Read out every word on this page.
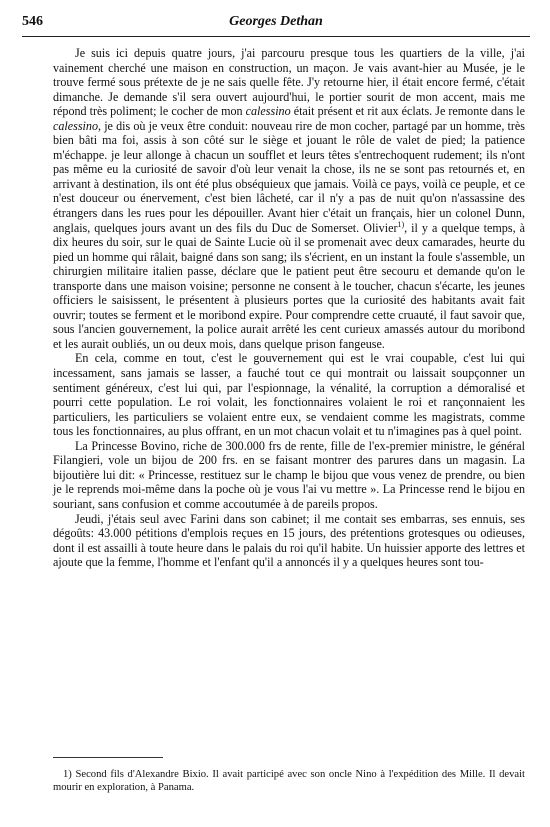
546	Georges Dethan

Je suis ici depuis quatre jours, j'ai parcouru presque tous les quartiers de la ville, j'ai vainement cherché une maison en construction, un maçon. Je vais avant-hier au Musée, je le trouve fermé sous prétexte de je ne sais quelle fête. J'y retourne hier, il était encore fermé, c'était dimanche. Je demande s'il sera ouvert aujourd'hui, le portier sourit de mon accent, mais me répond très poliment; le cocher de mon calessino était présent et rit aux éclats. Je remonte dans le calessino, je dis où je veux être conduit: nouveau rire de mon cocher, partagé par un homme, très bien bâti ma foi, assis à son côté sur le siège et jouant le rôle de valet de pied; la patience m'échappe. je leur allonge à chacun un soufflet et leurs têtes s'entrechoquent rudement; ils n'ont pas même eu la curiosité de savoir d'où leur venait la chose, ils ne se sont pas retournés et, en arrivant à destination, ils ont été plus obséquieux que jamais. Voilà ce pays, voilà ce peuple, et ce n'est douceur ou énervement, c'est bien lâcheté, car il n'y a pas de nuit qu'on n'assassine des étrangers dans les rues pour les dépouiller. Avant hier c'était un français, hier un colonel Dunn, anglais, quelques jours avant un des fils du Duc de Somerset. Olivier$^{1)}$, il y a quelque temps, à dix heures du soir, sur le quai de Sainte Lucie où il se promenait avec deux camarades, heurte du pied un homme qui râlait, baigné dans son sang; ils s'écrient, en un instant la foule s'assemble, un chirurgien militaire italien passe, déclare que le patient peut être secouru et demande qu'on le transporte dans une maison voisine; personne ne consent à le toucher, chacun s'écarte, les jeunes officiers le saisissent, le présentent à plusieurs portes que la curiosité des habitants avait fait ouvrir; toutes se ferment et le moribond expire. Pour comprendre cette cruauté, il faut savoir que, sous l'ancien gouvernement, la police aurait arrêté les cent curieux amassés autour du moribond et les aurait oubliés, un ou deux mois, dans quelque prison fangeuse.

En cela, comme en tout, c'est le gouvernement qui est le vrai coupable, c'est lui qui incessament, sans jamais se lasser, a fauché tout ce qui montrait ou laissait soupçonner un sentiment généreux, c'est lui qui, par l'espionnage, la vénalité, la corruption a démoralisé et pourri cette population. Le roi volait, les fonctionnaires volaient le roi et rançonnaient les particuliers, les particuliers se volaient entre eux, se vendaient comme les magistrats, comme tous les fonctionnaires, au plus offrant, en un mot chacun volait et tu n'imagines pas à quel point.

La Princesse Bovino, riche de 300.000 frs de rente, fille de l'ex-premier ministre, le général Filangieri, vole un bijou de 200 frs. en se faisant montrer des parures dans un magasin. La bijoutière lui dit: « Princesse, restituez sur le champ le bijou que vous venez de prendre, ou bien je le reprends moi-même dans la poche où je vous l'ai vu mettre ». La Princesse rend le bijou en souriant, sans confusion et comme accoutumée à de pareils propos.

Jeudi, j'étais seul avec Farini dans son cabinet; il me contait ses embarras, ses ennuis, ses dégoûts: 43.000 pétitions d'emplois reçues en 15 jours, des prétentions grotesques ou odieuses, dont il est assailli à toute heure dans le palais du roi qu'il habite. Un huissier apporte des lettres et ajoute que la femme, l'homme et l'enfant qu'il a annoncés il y a quelques heures sont tou-

1) Second fils d'Alexandre Bixio. Il avait participé avec son oncle Nino à l'expédition des Mille. Il devait mourir en exploration, à Panama.
